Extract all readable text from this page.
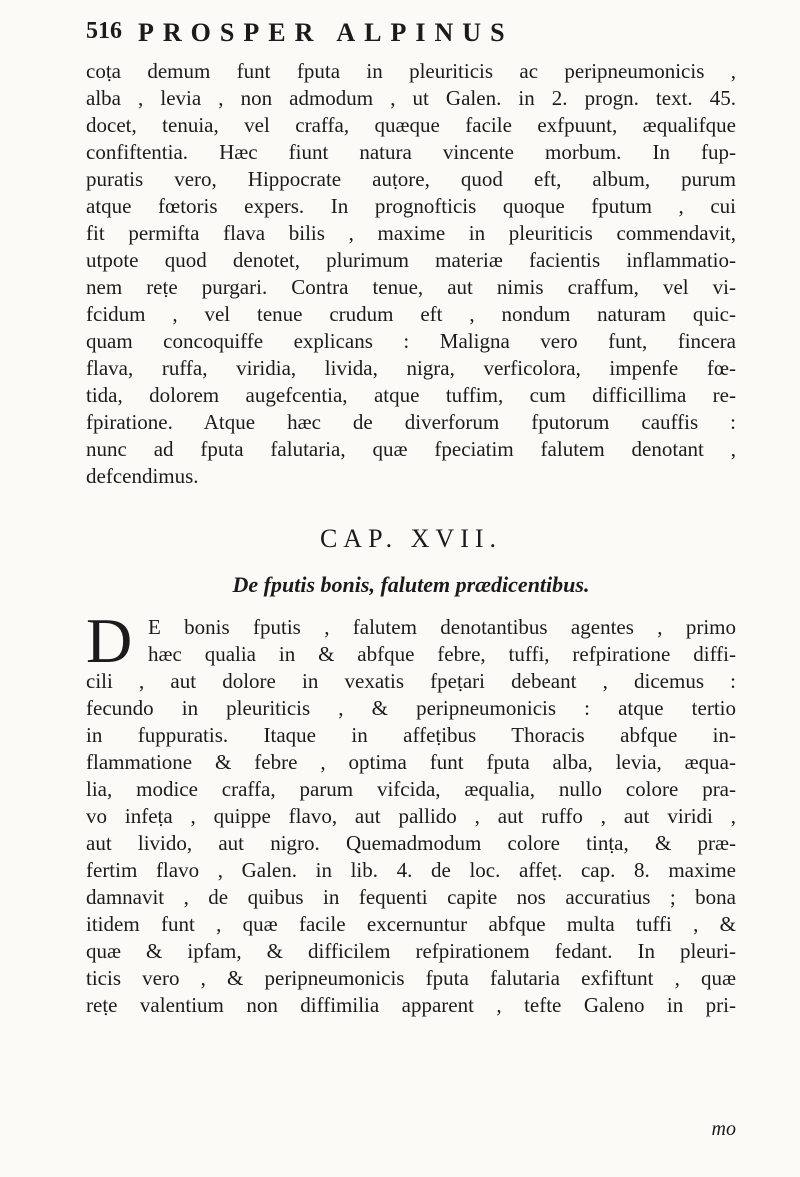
516 PROSPER ALPINUS
coṭa demum funt fputa in pleuriticis ac peripneumonicis ,
alba , levia , non admodum , ut Galen. in 2. progn. text. 45.
docet, tenuia, vel craffa, quæque facile exfpuunt, æqualifque
confiftentia. Hæc fiunt natura vincente morbum. In fup-
puratis vero, Hippocrate auṭore, quod eft, album, purum
atque fœtoris expers. In prognofticis quoque fputum , cui
fit permifta flava bilis , maxime in pleuriticis commendavit,
utpote quod denotet, plurimum materiæ facientis inflammatio-
nem reṭe purgari. Contra tenue, aut nimis craffum, vel vi-
fcidum , vel tenue crudum eft , nondum naturam quic-
quam concoquiffe explicans : Maligna vero funt, fincera
flava, ruffa, viridia, livida, nigra, verficolora, impenfe fœ-
tida, dolorem augefcentia, atque tuffim, cum difficillima re-
fpiratione. Atque hæc de diverforum fputorum cauffis :
nunc ad fputa falutaria, quæ fpeciatim falutem denotant ,
defcendimus.
CAP. XVII.
De fputis bonis, falutem prædicentibus.
D E bonis fputis , falutem denotantibus agentes , primo
hæc qualia in & abfque febre, tuffi, refpiratione diffi-
cili , aut dolore in vexatis fpeṭari debeant , dicemus :
fecundo in pleuriticis , & peripneumonicis : atque tertio
in fuppuratis. Itaque in affeṭibus Thoracis abfque in-
flammatione & febre , optima funt fputa alba, levia, æqua-
lia, modice craffa, parum vifcida, æqualia, nullo colore pra-
vo infeṭa , quippe flavo, aut pallido , aut ruffo , aut viridi ,
aut livido, aut nigro. Quemadmodum colore tinṭa, & præ-
fertim flavo , Galen. in lib. 4. de loc. affeṭ. cap. 8. maxime
damnavit , de quibus in fequenti capite nos accuratius ; bona
itidem funt , quæ facile excernuntur abfque multa tuffi , &
quæ & ipfam, & difficilem refpirationem fedant. In pleuri-
ticis vero , & peripneumonicis fputa falutaria exfiftunt , quæ
reṭe valentium non diffimilia apparent , tefte Galeno in pri-
mo
